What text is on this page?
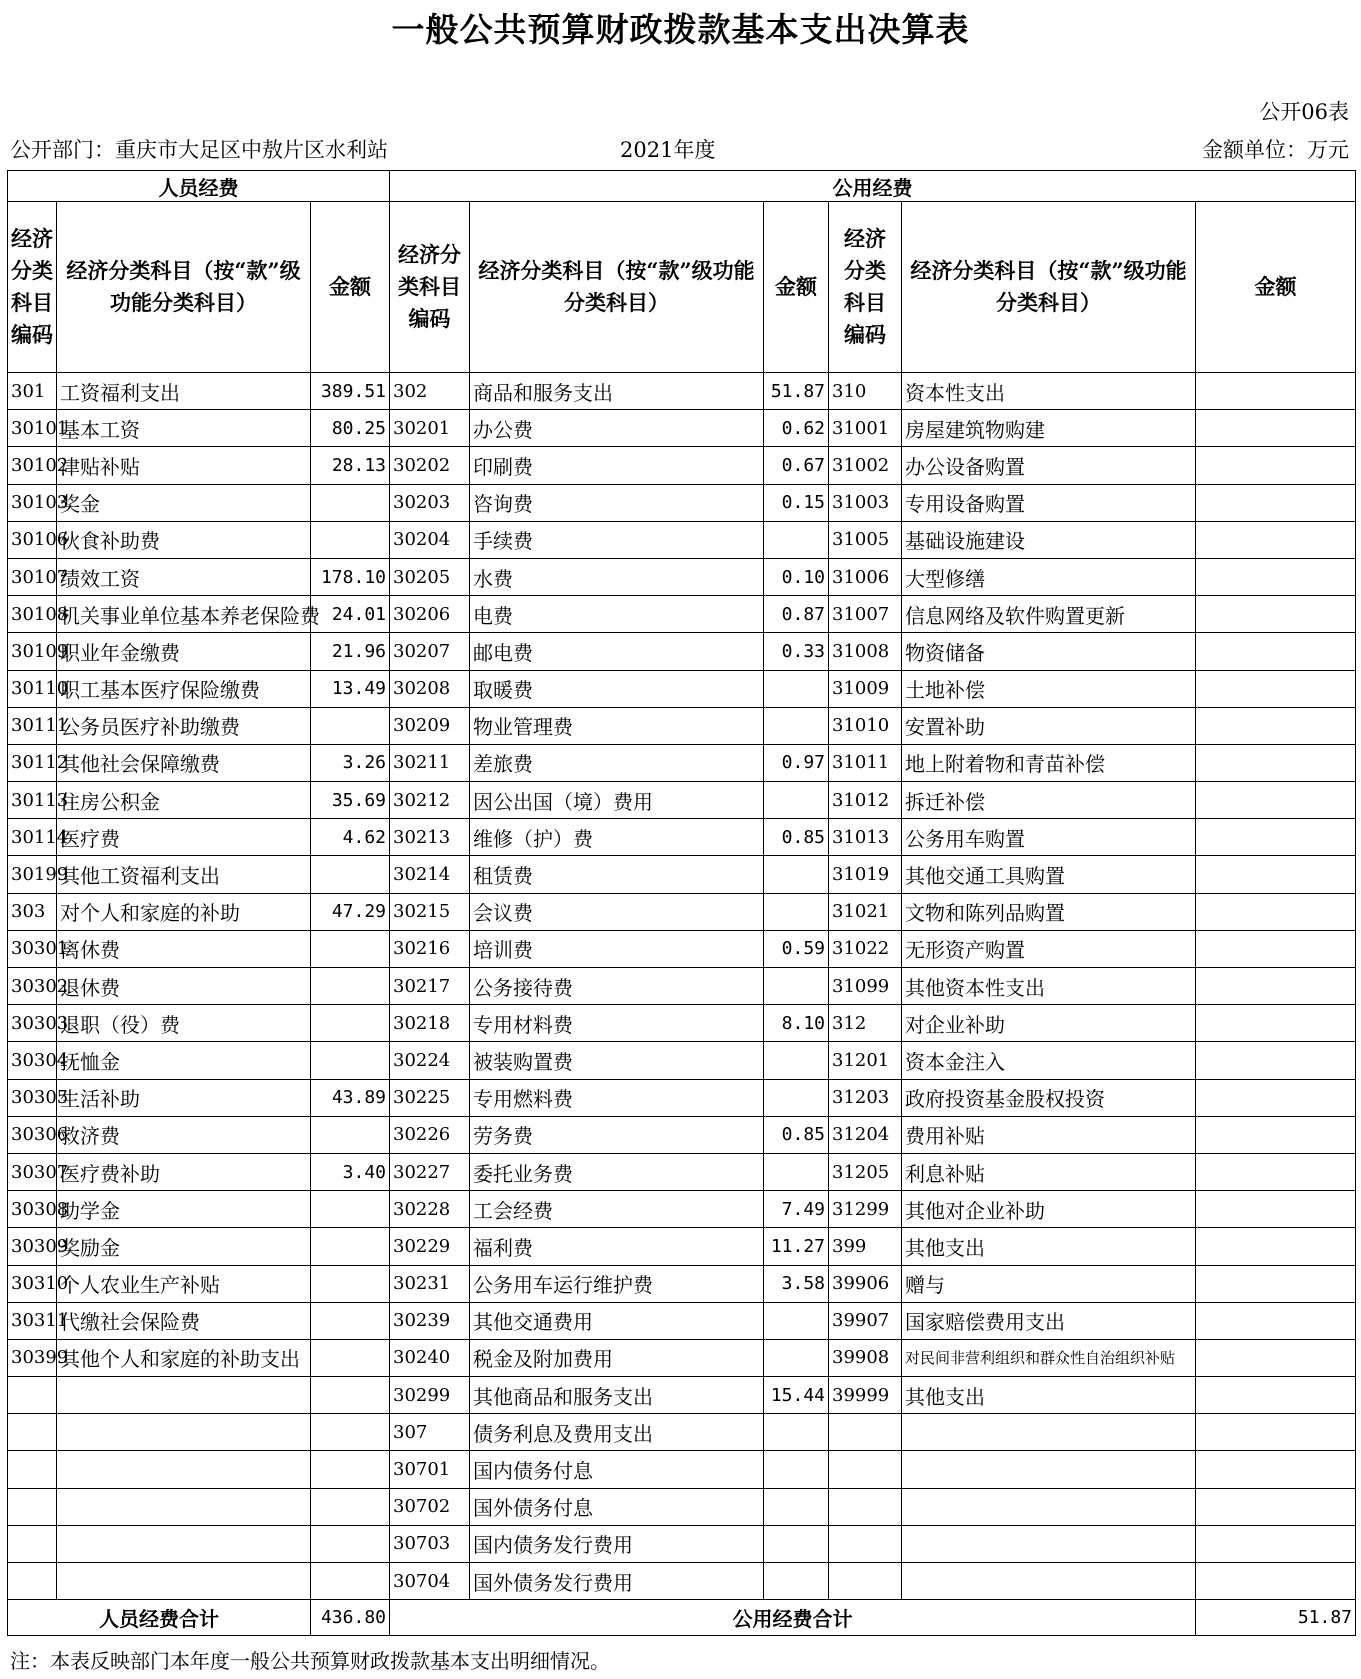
一般公共预算财政拨款基本支出决算表
公开06表
公开部门：重庆市大足区中敖片区水利站	2021年度	金额单位：万元
人员经费			公用经费					
经济分类科目编码	经济分类科目（按“款”级功能分类科目）	金额	经济分类科目编码	经济分类科目（按“款”级功能分类科目）	金额	经济分类科目编码	经济分类科目（按“款”级功能分类科目）	金额
301	工资福利支出	389.51	302	商品和服务支出	51.87	310	资本性支出	
30101	基本工资	80.25	30201	办公费	0.62	31001	房屋建筑物购建	
30102	津贴补贴	28.13	30202	印刷费	0.67	31002	办公设备购置	
30103	奖金		30203	咨询费	0.15	31003	专用设备购置	
30106	伙食补助费		30204	手续费		31005	基础设施建设	
30107	绩效工资	178.10	30205	水费	0.10	31006	大型修缮	
30108	机关事业单位基本养老保险费	24.01	30206	电费	0.87	31007	信息网络及软件购置更新	
30109	职业年金缴费	21.96	30207	邮电费	0.33	31008	物资储备	
30110	职工基本医疗保险缴费	13.49	30208	取暖费		31009	土地补偿	
30111	公务员医疗补助缴费		30209	物业管理费		31010	安置补助	
30112	其他社会保障缴费	3.26	30211	差旅费	0.97	31011	地上附着物和青苗补偿	
30113	住房公积金	35.69	30212	因公出国（境）费用		31012	拆迁补偿	
30114	医疗费	4.62	30213	维修（护）费	0.85	31013	公务用车购置	
30199	其他工资福利支出		30214	租赁费		31019	其他交通工具购置	
303	对个人和家庭的补助	47.29	30215	会议费		31021	文物和陈列品购置	
30301	离休费		30216	培训费	0.59	31022	无形资产购置	
30302	退休费		30217	公务接待费		31099	其他资本性支出	
30303	退职（役）费		30218	专用材料费	8.10	312	对企业补助	
30304	抚恤金		30224	被装购置费		31201	资本金注入	
30305	生活补助	43.89	30225	专用燃料费		31203	政府投资基金股权投资	
30306	救济费		30226	劳务费	0.85	31204	费用补贴	
30307	医疗费补助	3.40	30227	委托业务费		31205	利息补贴	
30308	助学金		30228	工会经费	7.49	31299	其他对企业补助	
30309	奖励金		30229	福利费	11.27	399	其他支出	
30310	个人农业生产补贴		30231	公务用车运行维护费	3.58	39906	赠与	
30311	代缴社会保险费		30239	其他交通费用		39907	国家赔偿费用支出	
30399	其他个人和家庭的补助支出		30240	税金及附加费用		39908	对民间非营利组织和群众性自治组织补贴	
			30299	其他商品和服务支出	15.44	39999	其他支出	
			307	债务利息及费用支出				
			30701	国内债务付息				
			30702	国外债务付息				
			30703	国内债务发行费用				
			30704	国外债务发行费用				
人员经费合计		436.80	公用经费合计					51.87
注：本表反映部门本年度一般公共预算财政拨款基本支出明细情况。
